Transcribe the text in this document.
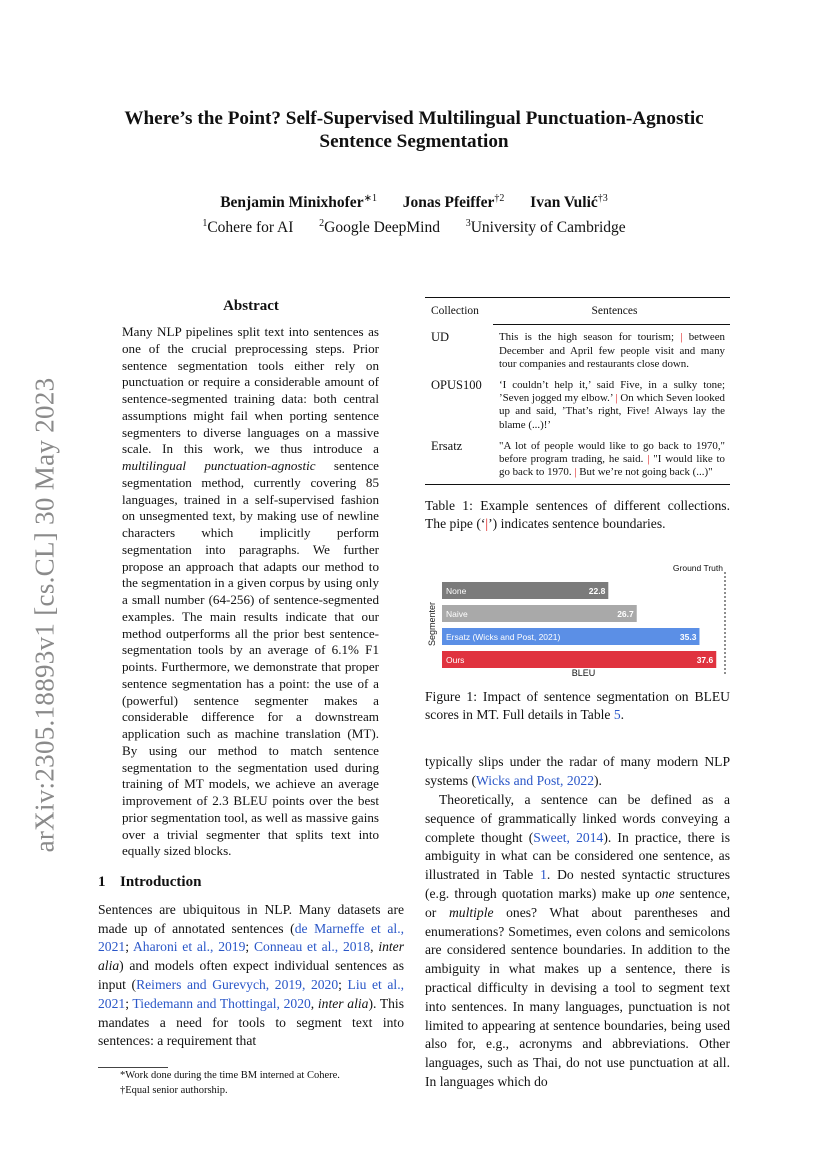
arXiv:2305.18893v1 [cs.CL] 30 May 2023
Where’s the Point? Self-Supervised Multilingual Punctuation-Agnostic
Sentence Segmentation
Benjamin Minixhofer$^{∗1}$ Jonas Pfeiffer$^{\dagger 2}$ Ivan Vulić$^{\dagger 3}$
$^1$Cohere for AI	$^2$Google DeepMind	$^3$University of Cambridge
Abstract

Many NLP pipelines split text into sentences as one of the crucial preprocessing steps. Prior sentence segmentation tools either rely on punctuation or require a considerable amount of sentence-segmented training data: both central assumptions might fail when porting sentence segmenters to diverse languages on a massive scale. In this work, we thus introduce a multilingual punctuation-agnostic sentence segmentation method, currently covering 85 languages, trained in a self-supervised fashion on unsegmented text, by making use of newline characters which implicitly perform segmentation into paragraphs. We further propose an approach that adapts our method to the segmentation in a given corpus by using only a small number (64-256) of sentence-segmented examples. The main results indicate that our method outperforms all the prior best sentence-segmentation tools by an average of 6.1% F1 points. Furthermore, we demonstrate that proper sentence segmentation has a point: the use of a (powerful) sentence segmenter makes a considerable difference for a downstream application such as machine translation (MT). By using our method to match sentence segmentation to the segmentation used during training of MT models, we achieve an average improvement of 2.3 BLEU points over the best prior segmentation tool, as well as massive gains over a trivial segmenter that splits text into equally sized blocks.

1 Introduction

Sentences are ubiquitous in NLP. Many datasets are made up of annotated sentences (de Marneffe et al., 2021; Aharoni et al., 2019; Conneau et al., 2018, inter alia) and models often expect individual sentences as input (Reimers and Gurevych, 2019, 2020; Liu et al., 2021; Tiedemann and Thottingal, 2020, inter alia). This mandates a need for tools to segment text into sentences: a requirement that

*Work done during the time BM interned at Cohere.
†Equal senior authorship.
Collection	Sentences

UD	This is the high season for tourism; | between December and April few people visit and many tour companies and restaurants close down.
OPUS100	‘I couldn’t help it,’ said Five, in a sulky tone; ’Seven jogged my elbow.’ | On which Seven looked up and said, ’That’s right, Five! Always lay the blame (...)!’
Ersatz	"A lot of people would like to go back to 1970," before program trading, he said. | "I would like to go back to 1970. | But we’re not going back (...)"

Table 1: Example sentences of different collections. The pipe (‘|’) indicates sentence boundaries.
Segmenter
None	22.8
Naive	26.7
Ersatz (Wicks and Post, 2021)	35.3
Ours	37.6
Ground Truth
BLEU
Figure 1: Impact of sentence segmentation on BLEU scores in MT. Full details in Table 5.

typically slips under the radar of many modern NLP systems (Wicks and Post, 2022).

Theoretically, a sentence can be defined as a sequence of grammatically linked words conveying a complete thought (Sweet, 2014). In practice, there is ambiguity in what can be considered one sentence, as illustrated in Table 1. Do nested syntactic structures (e.g. through quotation marks) make up one sentence, or multiple ones? What about parentheses and enumerations? Sometimes, even colons and semicolons are considered sentence boundaries. In addition to the ambiguity in what makes up a sentence, there is practical difficulty in devising a tool to segment text into sentences. In many languages, punctuation is not limited to appearing at sentence boundaries, being used also for, e.g., acronyms and abbreviations. Other languages, such as Thai, do not use punctuation at all. In languages which do
